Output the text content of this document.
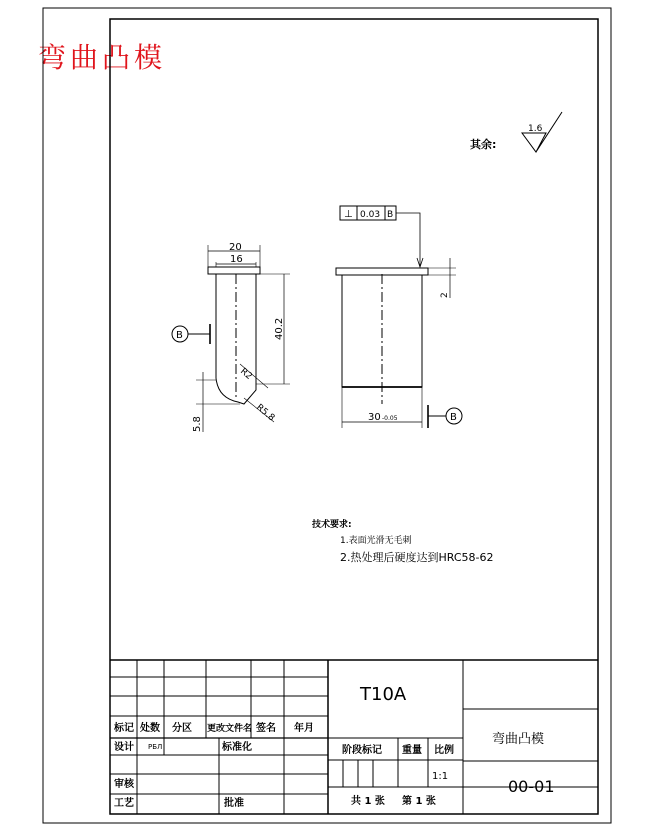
弯曲凸模
其余:
1.6
20
16
40.2
R2
R5.8
5.8
B
⊥ 0.03 B
2
30 -0.05	B
技术要求:
1.表面光滑无毛刺
2.热处理后硬度达到HRC58-62
T10A
弯曲凸模
00-01
标记 处数 分区 更改文件名 签名 年月
设计 РБЛ	标准化
审核
工艺	批准
阶段标记 重量 比例
1:1
共 1 张 第 1 张
